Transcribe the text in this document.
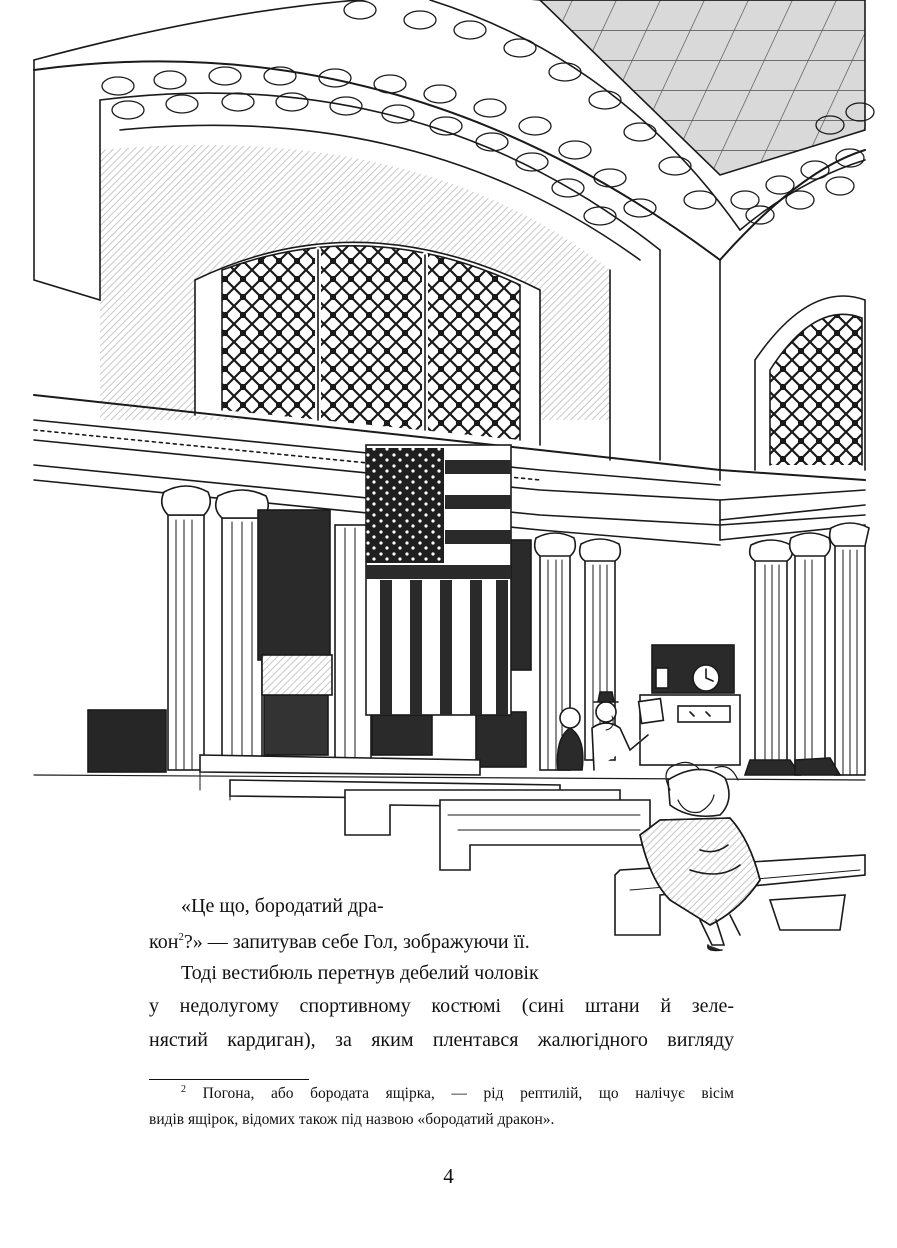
«Це що, бородатий дра-

кон$^2$?» — запитував себе Гол, зображуючи її.

Тоді вестибюль перетнув дебелий чоловік

у недолугому спортивному костюмі (сині штани й зеле-

нястий кардиган), за яким плентався жалюгідного вигляду

$^2$ Погона, або бородата ящірка, — рід рептилій, що налічує вісім

видів ящірок, відомих також під назвою «бородатий дракон».

4
